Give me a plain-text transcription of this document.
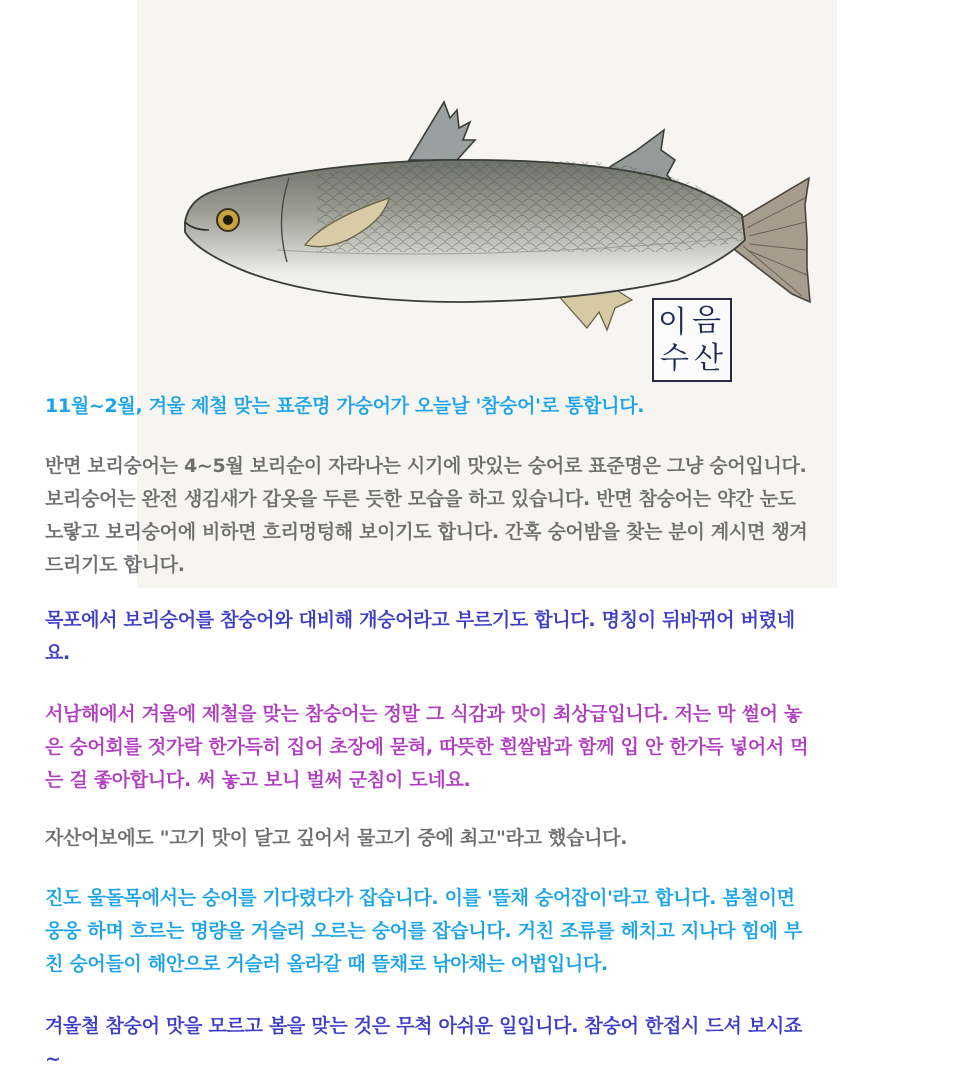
이 음
수 산

11월~2월, 겨울 제철 맞는 표준명 가숭어가 오늘날 '참숭어'로 통합니다.

반면 보리숭어는 4~5월 보리순이 자라나는 시기에 맛있는 숭어로 표준명은 그냥 숭어입니다.
보리숭어는 완전 생김새가 갑옷을 두른 듯한 모습을 하고 있습니다. 반면 참숭어는 약간 눈도
노랗고 보리숭어에 비하면 흐리멍텅해 보이기도 합니다. 간혹 숭어밤을 찾는 분이 계시면 챙겨
드리기도 합니다.

목포에서 보리숭어를 참숭어와 대비해 개숭어라고 부르기도 합니다. 명칭이 뒤바뀌어 버렸네
요.

서남해에서 겨울에 제철을 맞는 참숭어는 정말 그 식감과 맛이 최상급입니다. 저는 막 썰어 놓
은 숭어회를 젓가락 한가득히 집어 초장에 묻혀, 따뜻한 흰쌀밥과 함께 입 안 한가득 넣어서 먹
는 걸 좋아합니다. 써 놓고 보니 벌써 군침이 도네요.

자산어보에도 "고기 맛이 달고 깊어서 물고기 중에 최고"라고 했습니다.

진도 울돌목에서는 숭어를 기다렸다가 잡습니다. 이를 '뜰채 숭어잡이'라고 합니다. 봄철이면
웅웅 하며 흐르는 명량을 거슬러 오르는 숭어를 잡습니다. 거친 조류를 헤치고 지나다 힘에 부
친 숭어들이 해안으로 거슬러 올라갈 때 뜰채로 낚아채는 어법입니다.

겨울철 참숭어 맛을 모르고 봄을 맞는 것은 무척 아쉬운 일입니다. 참숭어 한접시 드셔 보시죠
~
